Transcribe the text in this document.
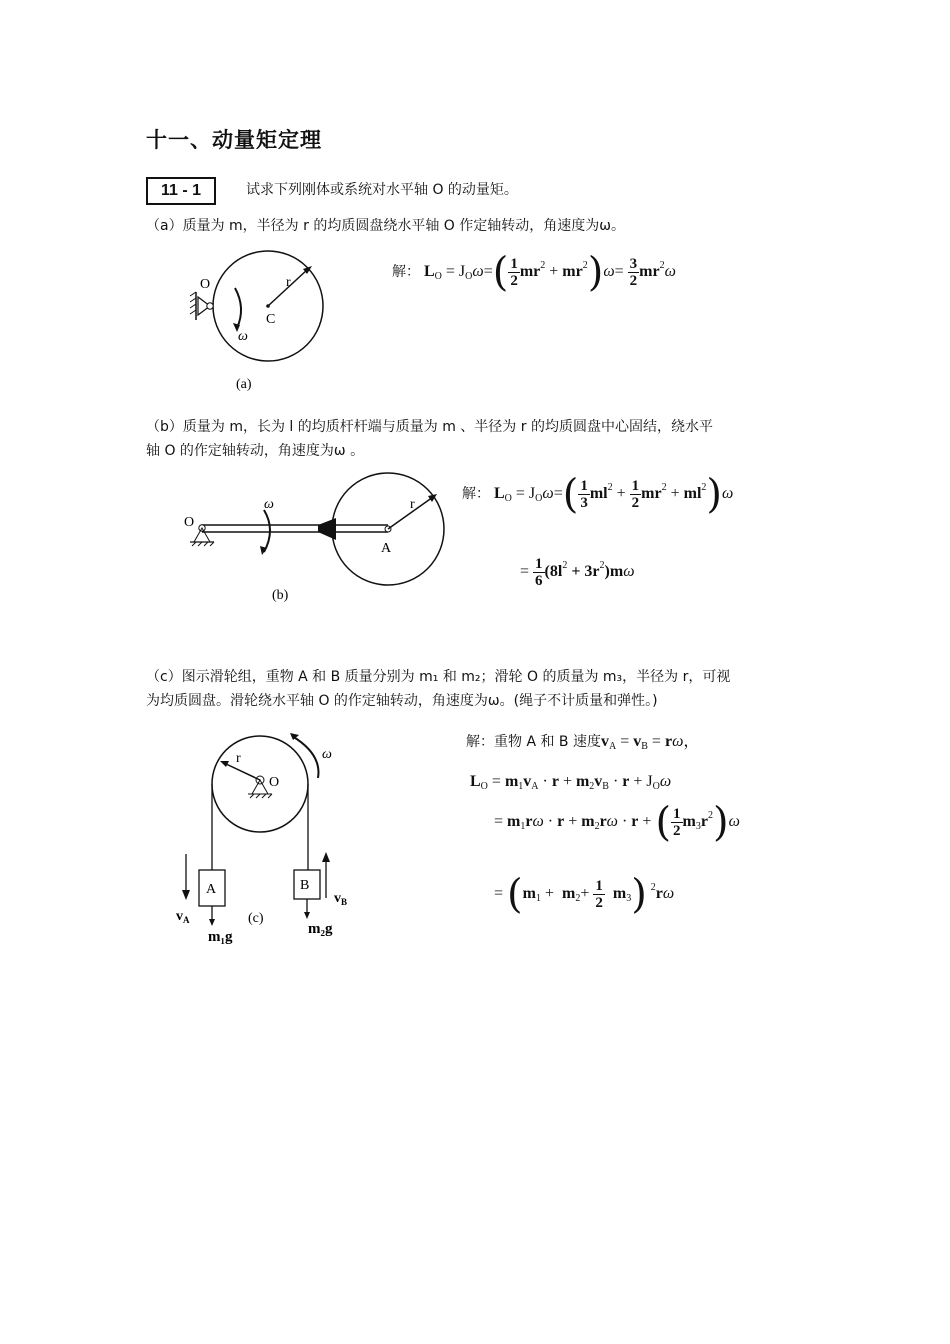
十一、动量矩定理
11 - 1	试求下列刚体或系统对水平轴 O 的动量矩。
（a）质量为 m，半径为 r 的均质圆盘绕水平轴 O 作定轴转动，角速度为ω。
O	r
C
ω
(a)
解： $L_O = J_O\omega=( \frac{1}{2} mr^2 + mr^2)\omega= \frac{3}{2} mr^2\omega$
（b）质量为 m，长为 l 的均质杆杆端与质量为 m 、半径为 r 的均质圆盘中心固结，绕水平
轴 O 的作定轴转动，角速度为ω 。
O
r
A
ω
(b)
解： $L_O = J_O\omega=( \frac{1}{3} ml^2 + \frac{1}{2} mr^2 + ml^2)\omega$
= $\frac{1}{6} (8l^2 + 3r^2)m\omega$
（c）图示滑轮组，重物 A 和 B 质量分别为 m₁ 和 m₂；滑轮 O 的质量为 m₃，半径为 r，可视
为均质圆盘。滑轮绕水平轴 O 的作定轴转动，角速度为ω。(绳子不计质量和弹性。)
r
O
ω
A	B
$v_A$
$v_B$
m₁g	m₂g
(c)
解：重物 A 和 B 速度$v_A = v_B = r\omega$，
$L_O = m_1v_A \cdot r + m_2v_B \cdot r + J_O\omega$
= $m_1r\omega \cdot r + m_2r\omega \cdot r$ + ( $\frac{1}{2} m_3r^2)\omega$
= $(m_1 + m_2+ \frac{1}{2} m_3)$ $^2$rω
